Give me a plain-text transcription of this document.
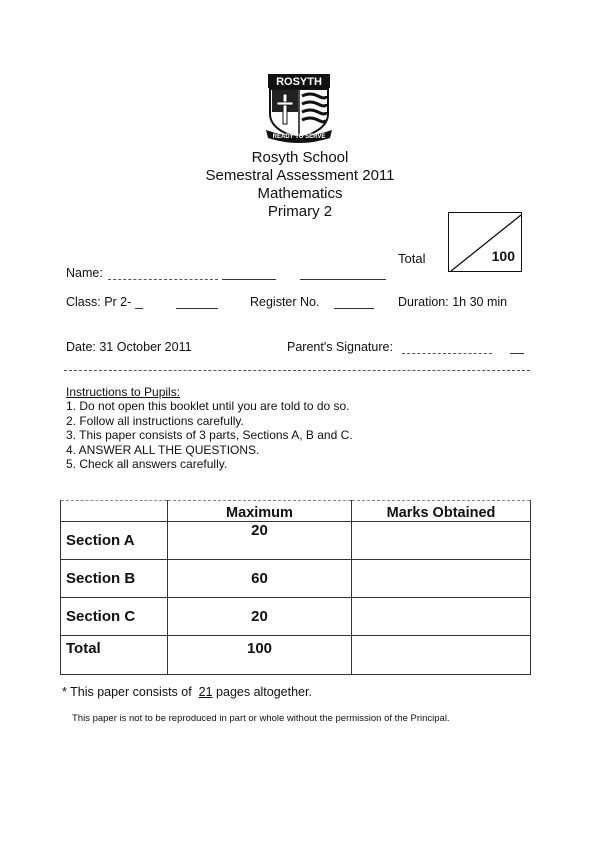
ROSYTH
READY TO SERVE
Rosyth School
Semestral Assessment 2011
Mathematics
Primary 2
Total	100
Name:
Class: Pr 2-	Register No.	Duration: 1h 30 min
Date: 31 October 2011	Parent's Signature:
Instructions to Pupils:
1. Do not open this booklet until you are told to do so.
2. Follow all instructions carefully.
3. This paper consists of 3 parts, Sections A, B and C.
4. ANSWER ALL THE QUESTIONS.
5. Check all answers carefully.
	Maximum	Marks Obtained
Section A	20	
Section B	60	
Section C	20	
Total	100	
* This paper consists of 21 pages altogether.
This paper is not to be reproduced in part or whole without the permission of the Principal.
